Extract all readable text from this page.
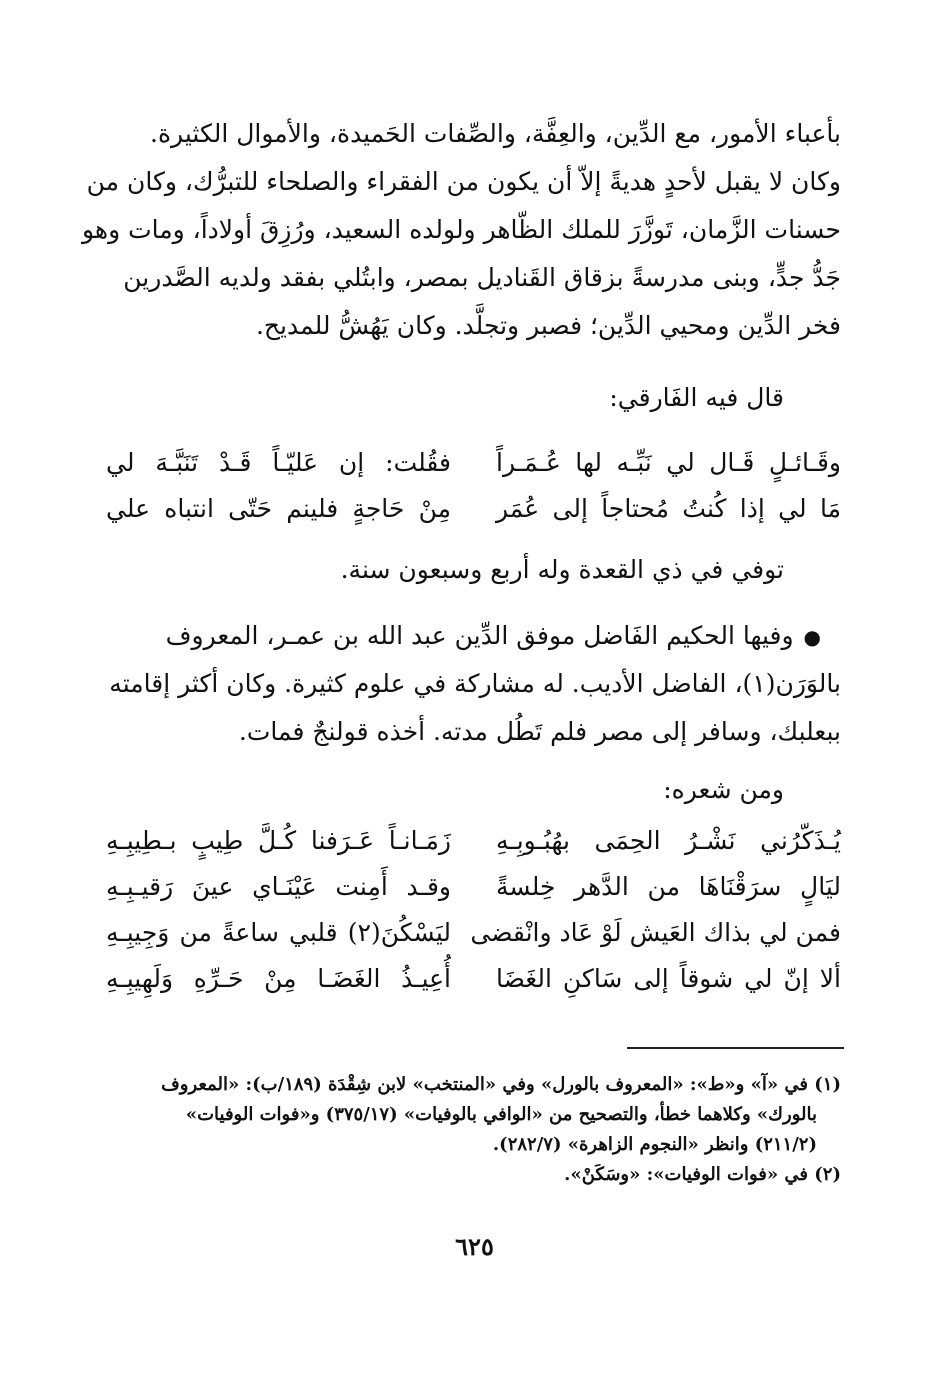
بأعباء الأمور، مع الدِّين، والعِفَّة، والصِّفات الحَميدة، والأموال الكثيرة.
وكان لا يقبل لأحدٍ هديةً إلاّ أن يكون من الفقراء والصلحاء للتبرُّك، وكان من
حسنات الزَّمان، تَوزَّرَ للملك الظّاهر ولولده السعيد، ورُزِقَ أولاداً، ومات وهو
جَدُّ جدٍّ، وبنى مدرسةً بزقاق القَناديل بمصر، وابتُلي بفقد ولديه الصَّدرين
فخر الدِّين ومحيي الدِّين؛ فصبر وتجلَّد. وكان يَهُشُّ للمديح.
قال فيه الفَارقي:
وقَـائـلٍ قَـال لي نَبِّـه لها عُـمَـراً
فقُلت: إن عَليّـاً قَـدْ تَنَبَّـهَ لي
مَا لي إذا كُنتُ مُحتاجاً إلى عُمَر
مِنْ حَاجةٍ فلينم حَتّى انتباه علي
توفي في ذي القعدة وله أربع وسبعون سنة.
●وفيها الحكيم الفَاضل موفق الدِّين عبد الله بن عمـر، المعروف
بالوَرَن(١)، الفاضل الأديب. له مشاركة في علوم كثيرة. وكان أكثر إقامته
ببعلبك، وسافر إلى مصر فلم تَطُل مدته. أخذه قولنجٌ فمات.
ومن شعره:
يُـذَكّرُني نَشْـرُ الحِمَى بهُبُـوبِـهِ
زَمَـانـاً عَـرَفنا كُـلَّ طِيبٍ بـطِيبِـهِ
ليَالٍ سرَقْنَاهَا من الدَّهر خِلسةً
وقـد أَمِنت عَيْنَـاي عينَ رَقيـبِـهِ
فمن لي بذاك العَيش لَوْ عَاد وانْقضى
ليَسْكُنَ(٢) قلبي ساعةً من وَجِيبِـهِ
ألا إنّ لي شوقاً إلى سَاكنِ الغَضَا
أُعِيـذُ الغَضَـا مِنْ حَـرِّهِ وَلَهِيبِـهِ
(١) في «آ» و«ط»: «المعروف بالورل» وفي «المنتخب» لابن شِقْدَة (١٨٩/ب): «المعروف
بالورك» وكلاهما خطأ، والتصحيح من «الوافي بالوفيات» (٣٧٥/١٧) و«فوات الوفيات»
(٢١١/٢) وانظر «النجوم الزاهرة» (٢٨٢/٧).
(٢) في «فوات الوفيات»: «وسَكَنْ».
٦٢٥
